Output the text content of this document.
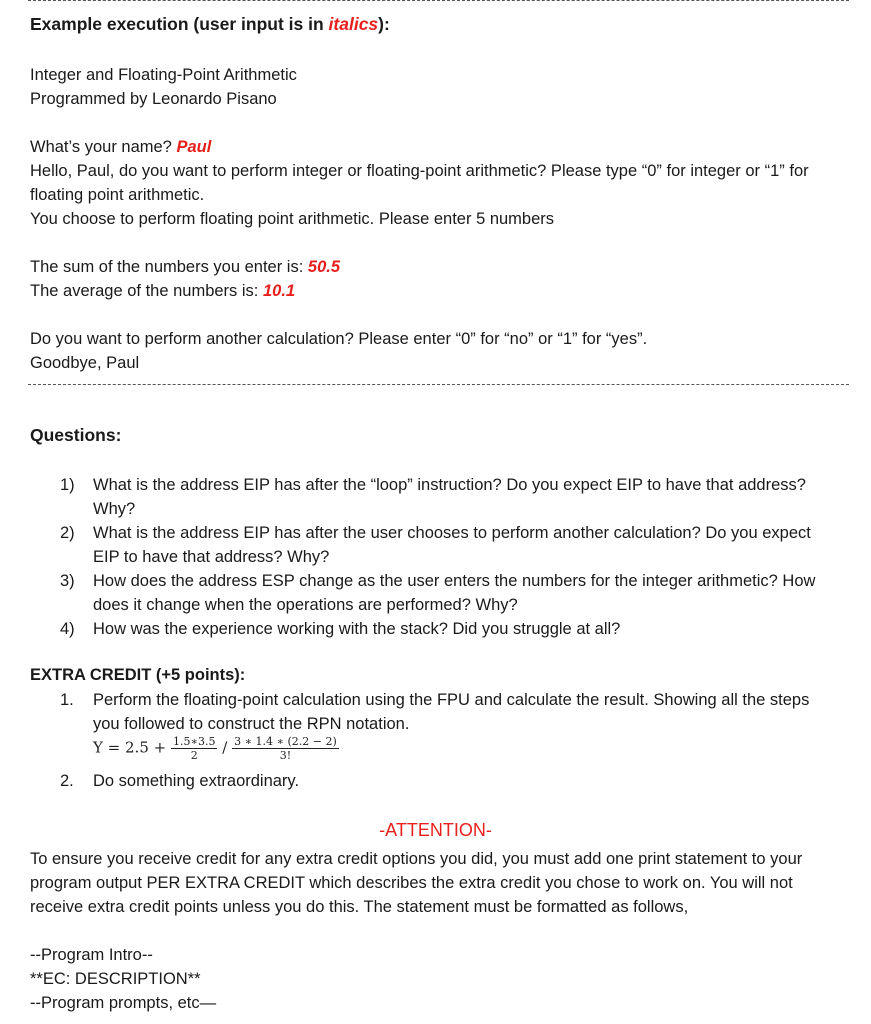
Example execution (user input is in italics):
Integer and Floating-Point Arithmetic
Programmed by Leonardo Pisano
What’s your name? Paul
Hello, Paul, do you want to perform integer or floating-point arithmetic? Please type “0” for integer or “1” for floating point arithmetic.
You choose to perform floating point arithmetic. Please enter 5 numbers
The sum of the numbers you enter is: 50.5
The average of the numbers is: 10.1
Do you want to perform another calculation? Please enter “0” for “no” or “1” for “yes”.
Goodbye, Paul
Questions:
1)	What is the address EIP has after the “loop” instruction? Do you expect EIP to have that address? Why?
2)	What is the address EIP has after the user chooses to perform another calculation? Do you expect EIP to have that address? Why?
3)	How does the address ESP change as the user enters the numbers for the integer arithmetic? How does it change when the operations are performed? Why?
4)	How was the experience working with the stack? Did you struggle at all?
EXTRA CREDIT (+5 points):
1.	Perform the floating-point calculation using the FPU and calculate the result. Showing all the steps you followed to construct the RPN notation.
$Y = 2.5 + \frac{1.5∗3.5}{2} / \frac{3 ∗ 1.4 ∗ (2.2 - 2)}{3!}$
2.	Do something extraordinary.
-ATTENTION-
To ensure you receive credit for any extra credit options you did, you must add one print statement to your program output PER EXTRA CREDIT which describes the extra credit you chose to work on. You will not receive extra credit points unless you do this. The statement must be formatted as follows,
--Program Intro--
**EC: DESCRIPTION**
--Program prompts, etc—
